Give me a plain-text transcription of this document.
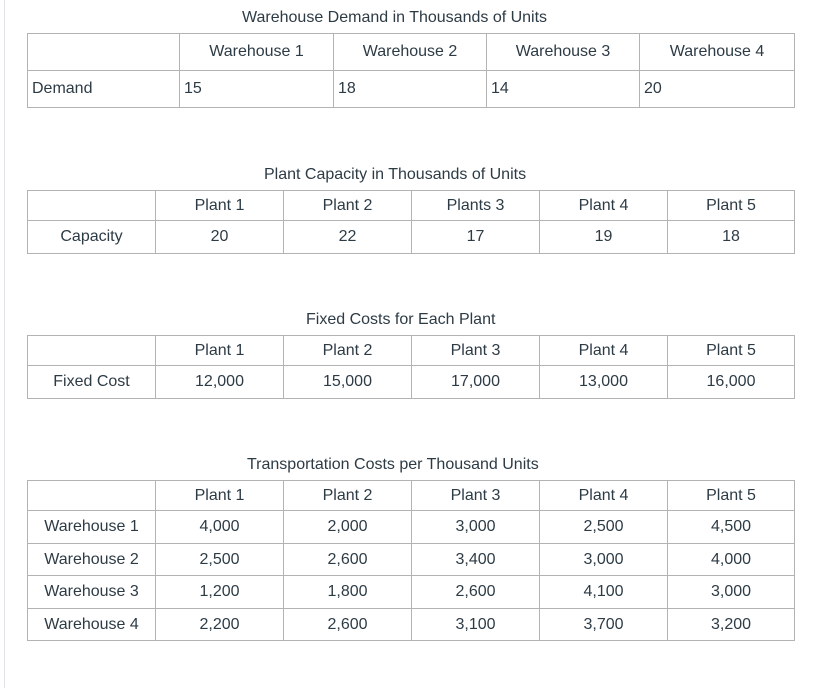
Warehouse Demand in Thousands of Units
	Warehouse 1	Warehouse 2	Warehouse 3	Warehouse 4
Demand	15	18	14	20
Plant Capacity in Thousands of Units
	Plant 1	Plant 2	Plants 3	Plant 4	Plant 5
Capacity	20	22	17	19	18
Fixed Costs for Each Plant
	Plant 1	Plant 2	Plant 3	Plant 4	Plant 5
Fixed Cost	12,000	15,000	17,000	13,000	16,000
Transportation Costs per Thousand Units
	Plant 1	Plant 2	Plant 3	Plant 4	Plant 5
Warehouse 1	4,000	2,000	3,000	2,500	4,500
Warehouse 2	2,500	2,600	3,400	3,000	4,000
Warehouse 3	1,200	1,800	2,600	4,100	3,000
Warehouse 4	2,200	2,600	3,100	3,700	3,200
